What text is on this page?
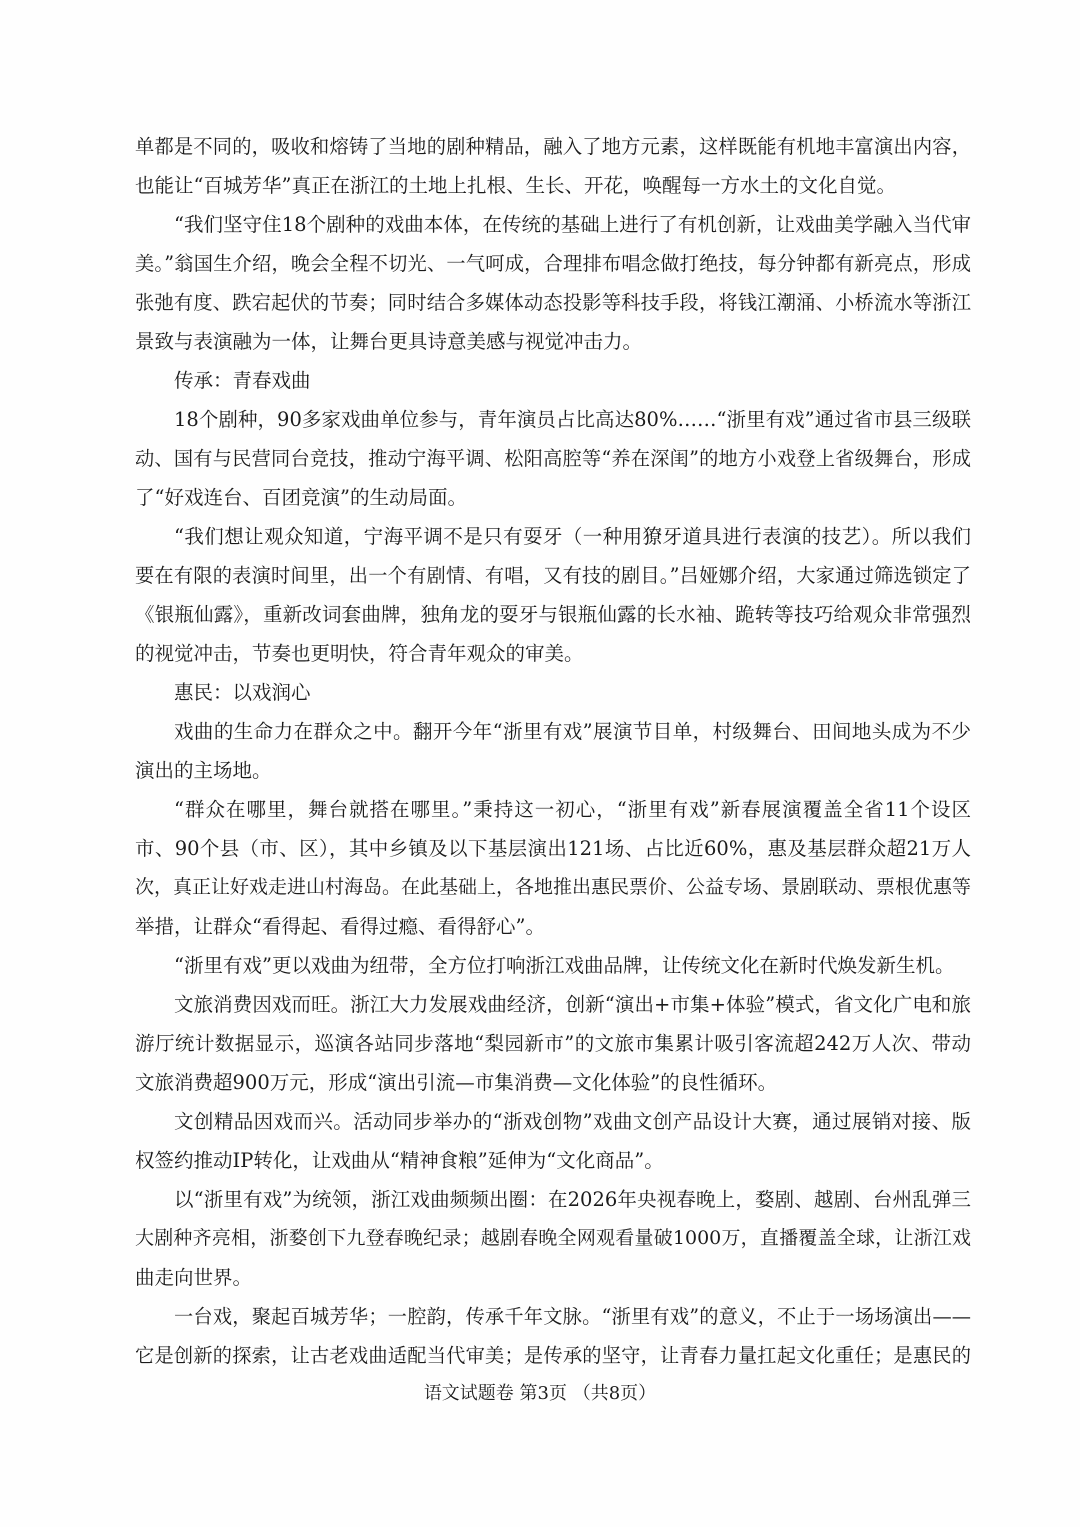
单都是不同的，吸收和熔铸了当地的剧种精品，融入了地方元素，这样既能有机地丰富演出内容，
也能让“百城芳华”真正在浙江的土地上扎根、生长、开花，唤醒每一方水土的文化自觉。
“我们坚守住18个剧种的戏曲本体，在传统的基础上进行了有机创新，让戏曲美学融入当代审
美。”翁国生介绍，晚会全程不切光、一气呵成，合理排布唱念做打绝技，每分钟都有新亮点，形成
张弛有度、跌宕起伏的节奏；同时结合多媒体动态投影等科技手段，将钱江潮涌、小桥流水等浙江
景致与表演融为一体，让舞台更具诗意美感与视觉冲击力。
传承：青春戏曲
18个剧种，90多家戏曲单位参与，青年演员占比高达80%……“浙里有戏”通过省市县三级联
动、国有与民营同台竞技，推动宁海平调、松阳高腔等“养在深闺”的地方小戏登上省级舞台，形成
了“好戏连台、百团竞演”的生动局面。
“我们想让观众知道，宁海平调不是只有耍牙（一种用獠牙道具进行表演的技艺）。所以我们
要在有限的表演时间里，出一个有剧情、有唱，又有技的剧目。”吕娅娜介绍，大家通过筛选锁定了
《银瓶仙露》，重新改词套曲牌，独角龙的耍牙与银瓶仙露的长水袖、跪转等技巧给观众非常强烈
的视觉冲击，节奏也更明快，符合青年观众的审美。
惠民：以戏润心
戏曲的生命力在群众之中。翻开今年“浙里有戏”展演节目单，村级舞台、田间地头成为不少
演出的主场地。
“群众在哪里，舞台就搭在哪里。”秉持这一初心，“浙里有戏”新春展演覆盖全省11个设区
市、90个县（市、区），其中乡镇及以下基层演出121场、占比近60%，惠及基层群众超21万人
次，真正让好戏走进山村海岛。在此基础上，各地推出惠民票价、公益专场、景剧联动、票根优惠等
举措，让群众“看得起、看得过瘾、看得舒心”。
“浙里有戏”更以戏曲为纽带，全方位打响浙江戏曲品牌，让传统文化在新时代焕发新生机。
文旅消费因戏而旺。浙江大力发展戏曲经济，创新“演出+市集+体验”模式，省文化广电和旅
游厅统计数据显示，巡演各站同步落地“梨园新市”的文旅市集累计吸引客流超242万人次、带动
文旅消费超900万元，形成“演出引流—市集消费—文化体验”的良性循环。
文创精品因戏而兴。活动同步举办的“浙戏创物”戏曲文创产品设计大赛，通过展销对接、版
权签约推动IP转化，让戏曲从“精神食粮”延伸为“文化商品”。
以“浙里有戏”为统领，浙江戏曲频频出圈：在2026年央视春晚上，婺剧、越剧、台州乱弹三
大剧种齐亮相，浙婺创下九登春晚纪录；越剧春晚全网观看量破1000万，直播覆盖全球，让浙江戏
曲走向世界。
一台戏，聚起百城芳华；一腔韵，传承千年文脉。“浙里有戏”的意义，不止于一场场演出——
它是创新的探索，让古老戏曲适配当代审美；是传承的坚守，让青春力量扛起文化重任；是惠民的
语文试题卷 第3页 （共8页）
